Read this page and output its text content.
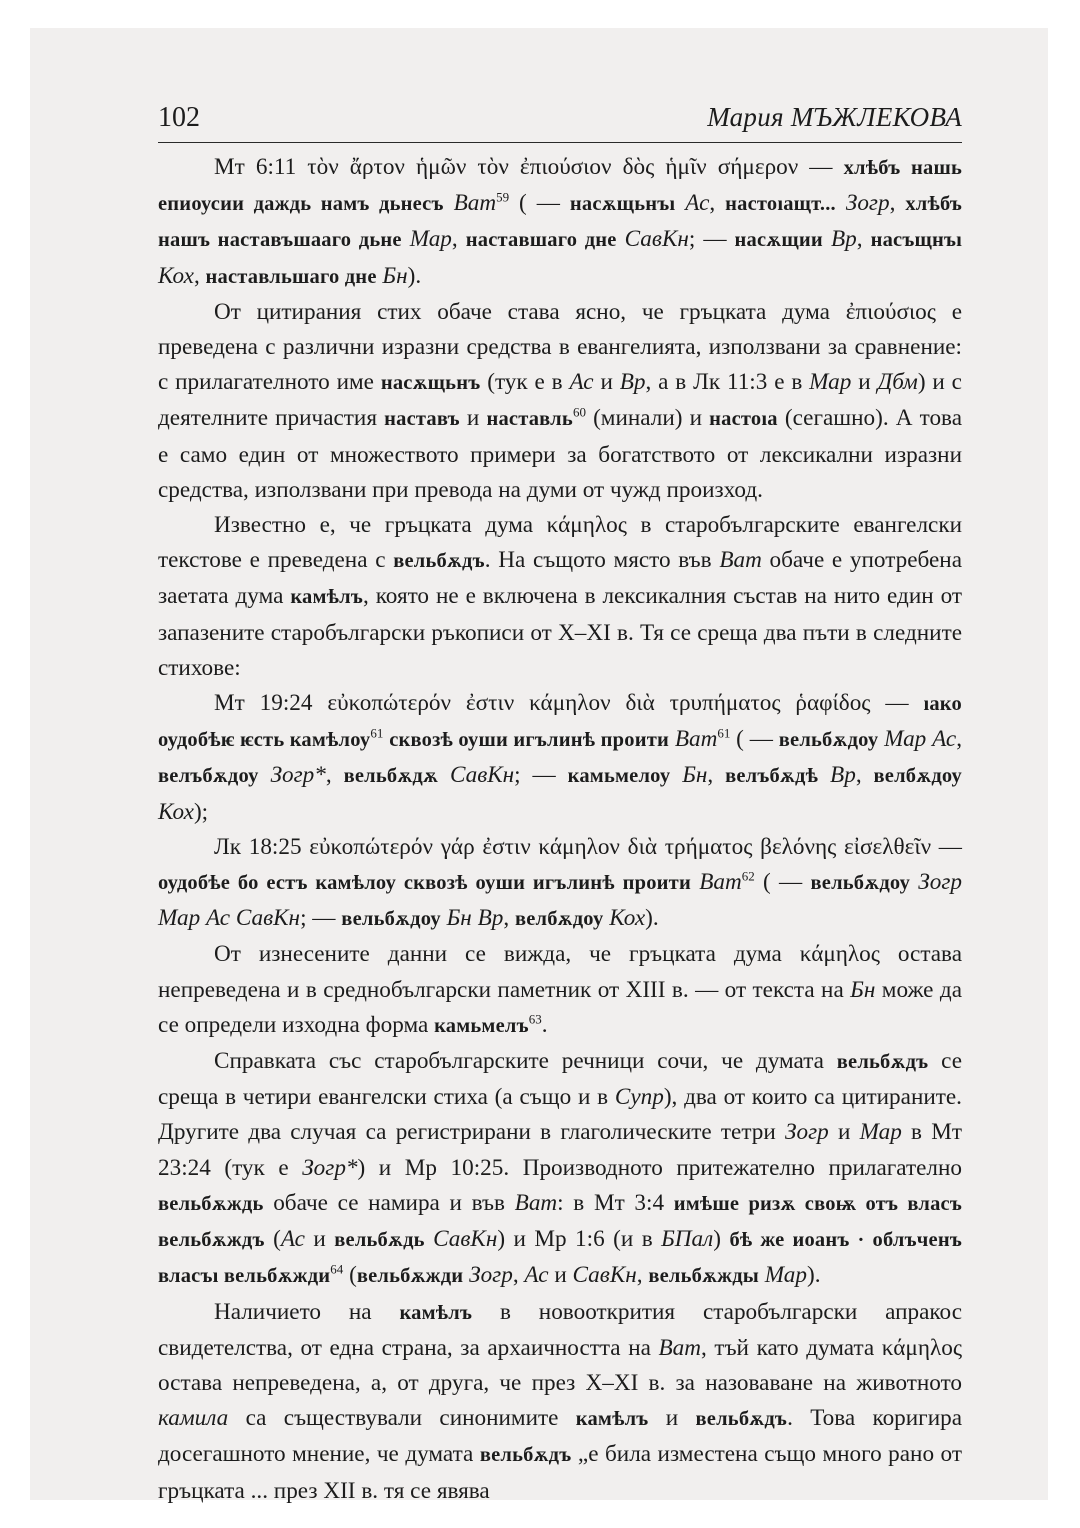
102	Мария МЪЖЛЕКОВА

Мт 6:11 τὸν ἄρτον ἡμῶν τὸν ἐπιούσιον δὸς ἡμῖν σήμερον — хлѣбъ нашь епиоусии даждь намъ дьнесъ Ват$^{59}$ ( — насѫщьнъı Ас, настоıащт... Зогр, хлѣбъ нашъ наставъшааго дьне Мар, наставшаго дне СавКн; — насѫщии Вр, насъщнъı Кох, наставльшаго дне Бн).

От цитирания стих обаче става ясно, че гръцката дума ἐπιούσιος е преведена с различни изразни средства в евангелията, използвани за сравнение: с прилагателното име насѫщьнъ (тук е в Ас и Вр, а в Лк 11:3 е в Мар и Дбм) и с деятелните причастия наставъ и наставль$^{60}$ (минали) и настоıа (сегашно). А това е само един от множеството примери за богатството от лексикални изразни средства, използвани при превода на думи от чужд произход.

Известно е, че гръцката дума κάμηλος в старобългарските евангелски текстове е преведена с вельбѫдъ. На същото място във Ват обаче е употребена заетата дума камѣлъ, която не е включена в лексикалния състав на нито един от запазените старобългарски ръкописи от X–XI в. Тя се среща два пъти в следните стихове:

Мт 19:24 εὐκοπώτερόν ἐστιν κάμηλον διὰ τρυπήματος ῥαφίδος — ıако оудобѣѥ ѥсть камѣлоу$^{61}$ сквозѣ оуши игълинѣ проити Ват$^{61}$ ( — вельбѫдоу Мар Ас, велъбѫдоу Зогр*, вельбѫдѫ СавКн; — камьмелоу Бн, велъбѫдѣ Вр, велбѫдоу Кох);

Лк 18:25 εὐκοπώτερόν γάρ ἐστιν κάμηλον διὰ τρήματος βελόνης εἰσελθεῖν — оудобѣе бо естъ камѣлоу сквозѣ оуши игълинѣ проити Ват$^{62}$ ( — вельбѫдоу Зогр Мар Ас СавКн; — вельбѫдоу Бн Вр, велбѫдоу Кох).

От изнесените данни се вижда, че гръцката дума κάμηλος остава непреведена и в среднобългарски паметник от XIII в. — от текста на Бн може да се определи изходна форма камьмелъ$^{63}$.

Справката със старобългарските речници сочи, че думата вельбѫдъ се среща в четири евангелски стиха (а също и в Супр), два от които са цитираните. Другите два случая са регистрирани в глаголическите тетри Зогр и Мар в Мт 23:24 (тук е Зогр*) и Мр 10:25. Производното притежателно прилагателно вельбѫждь обаче се намира и във Ват: в Мт 3:4 имѣше ризѫ своѭ отъ власъ вельбѫждъ (Ас и вельбѫдь СавКн) и Мр 1:6 (и в БПал) бѣ же иоанъ · облъченъ власъı вельбѫжди$^{64}$ (вельбѫжди Зогр, Ас и СавКн, вельбѫжды Мар).

Наличието на камѣлъ в новооткрития старобългарски апракос свидетелства, от една страна, за архаичността на Ват, тъй като думата κάμηλος остава непреведена, а, от друга, че през X–XI в. за назоваване на животното камила са съществували синонимите камѣлъ и вельбѫдъ. Това коригира досегашното мнение, че думата вельбѫдъ „е била изместена също много рано от гръцката ... през XII в. тя се явява
